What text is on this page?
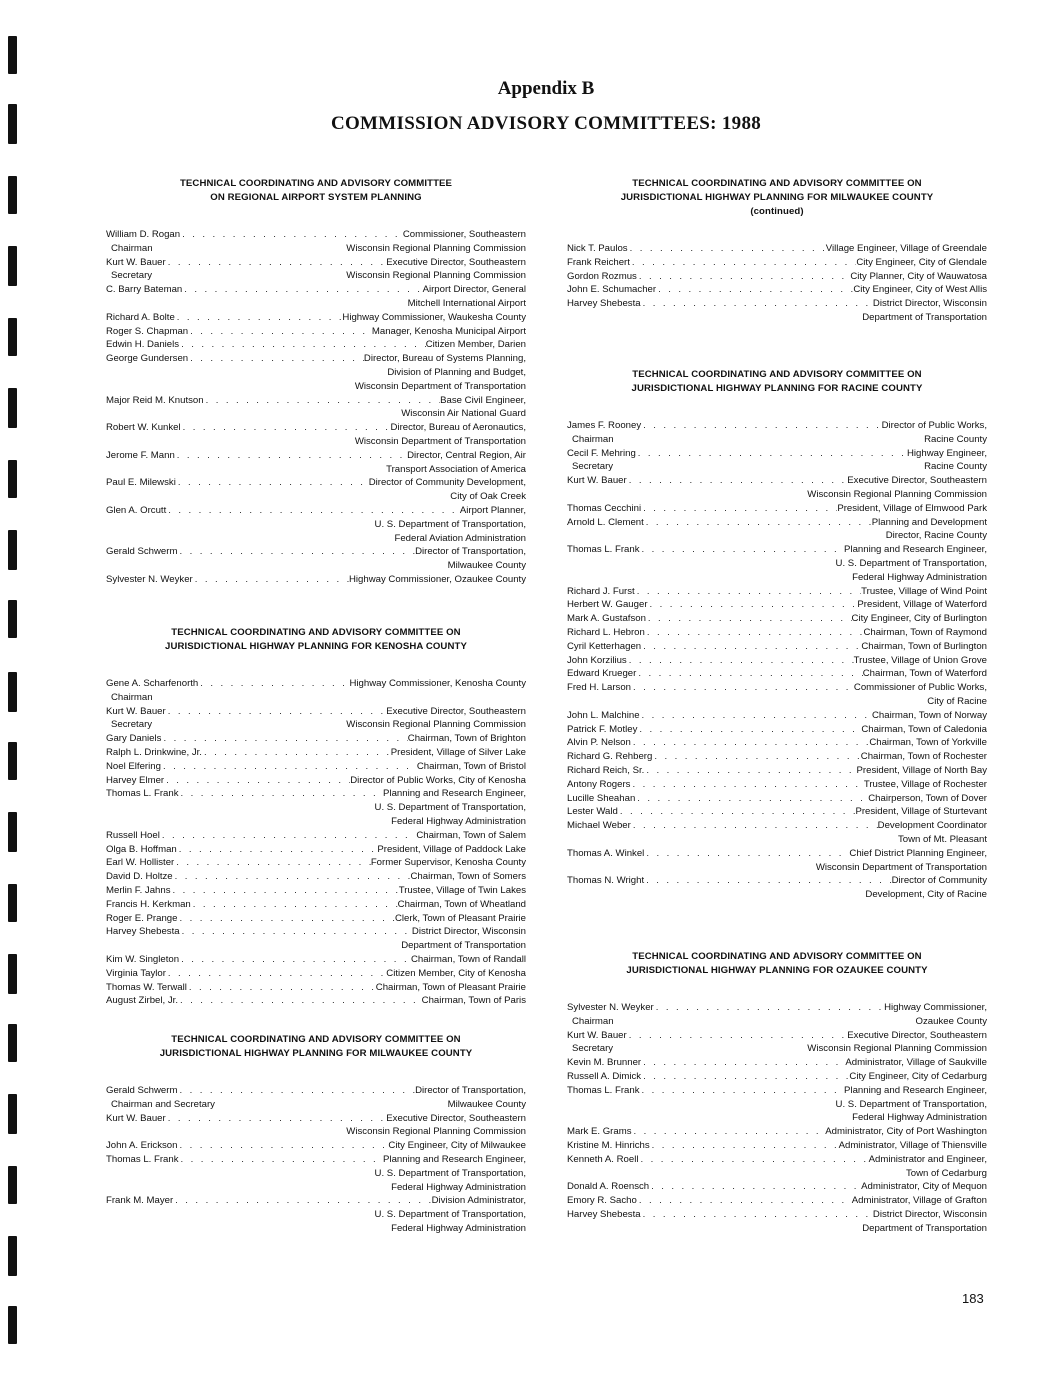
Appendix B
COMMISSION ADVISORY COMMITTEES: 1988
TECHNICAL COORDINATING AND ADVISORY COMMITTEE
ON REGIONAL AIRPORT SYSTEM PLANNING
William D. Rogan . . .	Commissioner, Southeastern
Chairman	Wisconsin Regional Planning Commission
Kurt W. Bauer . . .	Executive Director, Southeastern
Secretary	Wisconsin Regional Planning Commission
C. Barry Bateman . . .	Airport Director, General
Mitchell International Airport
Richard A. Bolte . . .	Highway Commissioner, Waukesha County
Roger S. Chapman . . .	Manager, Kenosha Municipal Airport
Edwin H. Daniels . . .	Citizen Member, Darien
George Gundersen . . .	Director, Bureau of Systems Planning,
Division of Planning and Budget,
Wisconsin Department of Transportation
Major Reid M. Knutson . . .	Base Civil Engineer,
Wisconsin Air National Guard
Robert W. Kunkel . . .	Director, Bureau of Aeronautics,
Wisconsin Department of Transportation
Jerome F. Mann . . .	Director, Central Region, Air
Transport Association of America
Paul E. Milewski . . .	Director of Community Development,
City of Oak Creek
Glen A. Orcutt . . .	Airport Planner,
U. S. Department of Transportation,
Federal Aviation Administration
Gerald Schwerm . . .	Director of Transportation,
Milwaukee County
Sylvester N. Weyker . . .	Highway Commissioner, Ozaukee County
TECHNICAL COORDINATING AND ADVISORY COMMITTEE ON
JURISDICTIONAL HIGHWAY PLANNING FOR KENOSHA COUNTY
Gene A. Scharfenorth . . .	Highway Commissioner, Kenosha County
Chairman
Kurt W. Bauer . . .	Executive Director, Southeastern
Secretary	Wisconsin Regional Planning Commission
Gary Daniels . . .	Chairman, Town of Brighton
Ralph L. Drinkwine, Jr. . . .	President, Village of Silver Lake
Noel Elfering . . .	Chairman, Town of Bristol
Harvey Elmer . . .	Director of Public Works, City of Kenosha
Thomas L. Frank . . .	Planning and Research Engineer,
U. S. Department of Transportation,
Federal Highway Administration
Russell Hoel . . .	Chairman, Town of Salem
Olga B. Hoffman . . .	President, Village of Paddock Lake
Earl W. Hollister . . .	Former Supervisor, Kenosha County
David D. Holtze . . .	Chairman, Town of Somers
Merlin F. Jahns . . .	Trustee, Village of Twin Lakes
Francis H. Kerkman . . .	Chairman, Town of Wheatland
Roger E. Prange . . .	Clerk, Town of Pleasant Prairie
Harvey Shebesta . . .	District Director, Wisconsin
Department of Transportation
Kim W. Singleton . . .	Chairman, Town of Randall
Virginia Taylor . . .	Citizen Member, City of Kenosha
Thomas W. Terwall . . .	Chairman, Town of Pleasant Prairie
August Zirbel, Jr. . . .	Chairman, Town of Paris
TECHNICAL COORDINATING AND ADVISORY COMMITTEE ON
JURISDICTIONAL HIGHWAY PLANNING FOR MILWAUKEE COUNTY
Gerald Schwerm . . .	Director of Transportation,
Chairman and Secretary	Milwaukee County
Kurt W. Bauer . . .	Executive Director, Southeastern
Wisconsin Regional Planning Commission
John A. Erickson . . .	City Engineer, City of Milwaukee
Thomas L. Frank . . .	Planning and Research Engineer,
U. S. Department of Transportation,
Federal Highway Administration
Frank M. Mayer . . .	Division Administrator,
U. S. Department of Transportation,
Federal Highway Administration
TECHNICAL COORDINATING AND ADVISORY COMMITTEE ON
JURISDICTIONAL HIGHWAY PLANNING FOR MILWAUKEE COUNTY
(continued)
Nick T. Paulos . . .	Village Engineer, Village of Greendale
Frank Reichert . . .	City Engineer, City of Glendale
Gordon Rozmus . . .	City Planner, City of Wauwatosa
John E. Schumacher . . .	City Engineer, City of West Allis
Harvey Shebesta . . .	District Director, Wisconsin
Department of Transportation
TECHNICAL COORDINATING AND ADVISORY COMMITTEE ON
JURISDICTIONAL HIGHWAY PLANNING FOR RACINE COUNTY
James F. Rooney . . .	Director of Public Works,
Chairman	Racine County
Cecil F. Mehring . . .	Highway Engineer,
Secretary	Racine County
Kurt W. Bauer . . .	Executive Director, Southeastern
Wisconsin Regional Planning Commission
Thomas Cecchini . . .	President, Village of Elmwood Park
Arnold L. Clement . . .	Planning and Development
Director, Racine County
Thomas L. Frank . . .	Planning and Research Engineer,
U. S. Department of Transportation,
Federal Highway Administration
Richard J. Furst . . .	Trustee, Village of Wind Point
Herbert W. Gauger . . .	President, Village of Waterford
Mark A. Gustafson . . .	City Engineer, City of Burlington
Richard L. Hebron . . .	Chairman, Town of Raymond
Cyril Ketterhagen . . .	Chairman, Town of Burlington
John Korzilius . . .	Trustee, Village of Union Grove
Edward Krueger . . .	Chairman, Town of Waterford
Fred H. Larson . . .	Commissioner of Public Works,
City of Racine
John L. Malchine . . .	Chairman, Town of Norway
Patrick F. Motley . . .	Chairman, Town of Caledonia
Alvin P. Nelson . . .	Chairman, Town of Yorkville
Richard G. Rehberg . . .	Chairman, Town of Rochester
Richard Reich, Sr. . . .	President, Village of North Bay
Antony Rogers . . .	Trustee, Village of Rochester
Lucille Sheahan . . .	Chairperson, Town of Dover
Lester Wald . . .	President, Village of Sturtevant
Michael Weber . . .	Development Coordinator
Town of Mt. Pleasant
Thomas A. Winkel . . .	Chief District Planning Engineer,
Wisconsin Department of Transportation
Thomas N. Wright . . .	Director of Community
Development, City of Racine
TECHNICAL COORDINATING AND ADVISORY COMMITTEE ON
JURISDICTIONAL HIGHWAY PLANNING FOR OZAUKEE COUNTY
Sylvester N. Weyker . . .	Highway Commissioner,
Chairman	Ozaukee County
Kurt W. Bauer . . .	Executive Director, Southeastern
Secretary	Wisconsin Regional Planning Commission
Kevin M. Brunner . . .	Administrator, Village of Saukville
Russell A. Dimick . . .	City Engineer, City of Cedarburg
Thomas L. Frank . . .	Planning and Research Engineer,
U. S. Department of Transportation,
Federal Highway Administration
Mark E. Grams . . .	Administrator, City of Port Washington
Kristine M. Hinrichs . . .	Administrator, Village of Thiensville
Kenneth A. Roell . . .	Administrator and Engineer,
Town of Cedarburg
Donald A. Roensch . . .	Administrator, City of Mequon
Emory R. Sacho . . .	Administrator, Village of Grafton
Harvey Shebesta . . .	District Director, Wisconsin
Department of Transportation
183
